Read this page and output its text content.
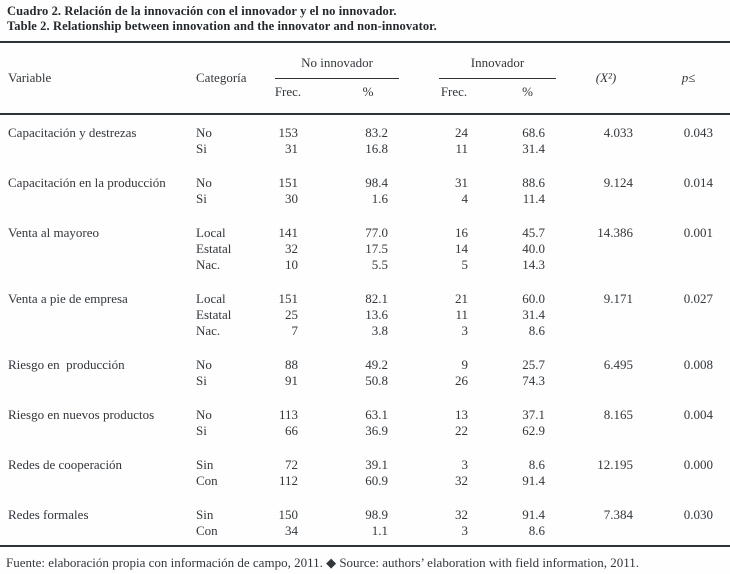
Cuadro 2. Relación de la innovación con el innovador y el no innovador.
Table 2. Relationship between innovation and the innovator and non-innovator.
Variable	Categoría	No innovador		Innovador		(X²)	p≤
		Frec.	%	Frec.	%		
Capacitación y destrezas	No	153	83.2	24	68.6	4.033	0.043
	Si	31	16.8	11	31.4		
Capacitación en la producción	No	151	98.4	31	88.6	9.124	0.014
	Si	30	1.6	4	11.4		
Venta al mayoreo	Local	141	77.0	16	45.7	14.386	0.001
	Estatal	32	17.5	14	40.0		
	Nac.	10	5.5	5	14.3		
Venta a pie de empresa	Local	151	82.1	21	60.0	9.171	0.027
	Estatal	25	13.6	11	31.4		
	Nac.	7	3.8	3	8.6		
Riesgo en  producción	No	88	49.2	9	25.7	6.495	0.008
	Si	91	50.8	26	74.3		
Riesgo en nuevos productos	No	113	63.1	13	37.1	8.165	0.004
	Si	66	36.9	22	62.9		
Redes de cooperación	Sin	72	39.1	3	8.6	12.195	0.000
	Con	112	60.9	32	91.4		
Redes formales	Sin	150	98.9	32	91.4	7.384	0.030
	Con	34	1.1	3	8.6		
Fuente: elaboración propia con información de campo, 2011. ◆ Source: authors’ elaboration with field information, 2011.
